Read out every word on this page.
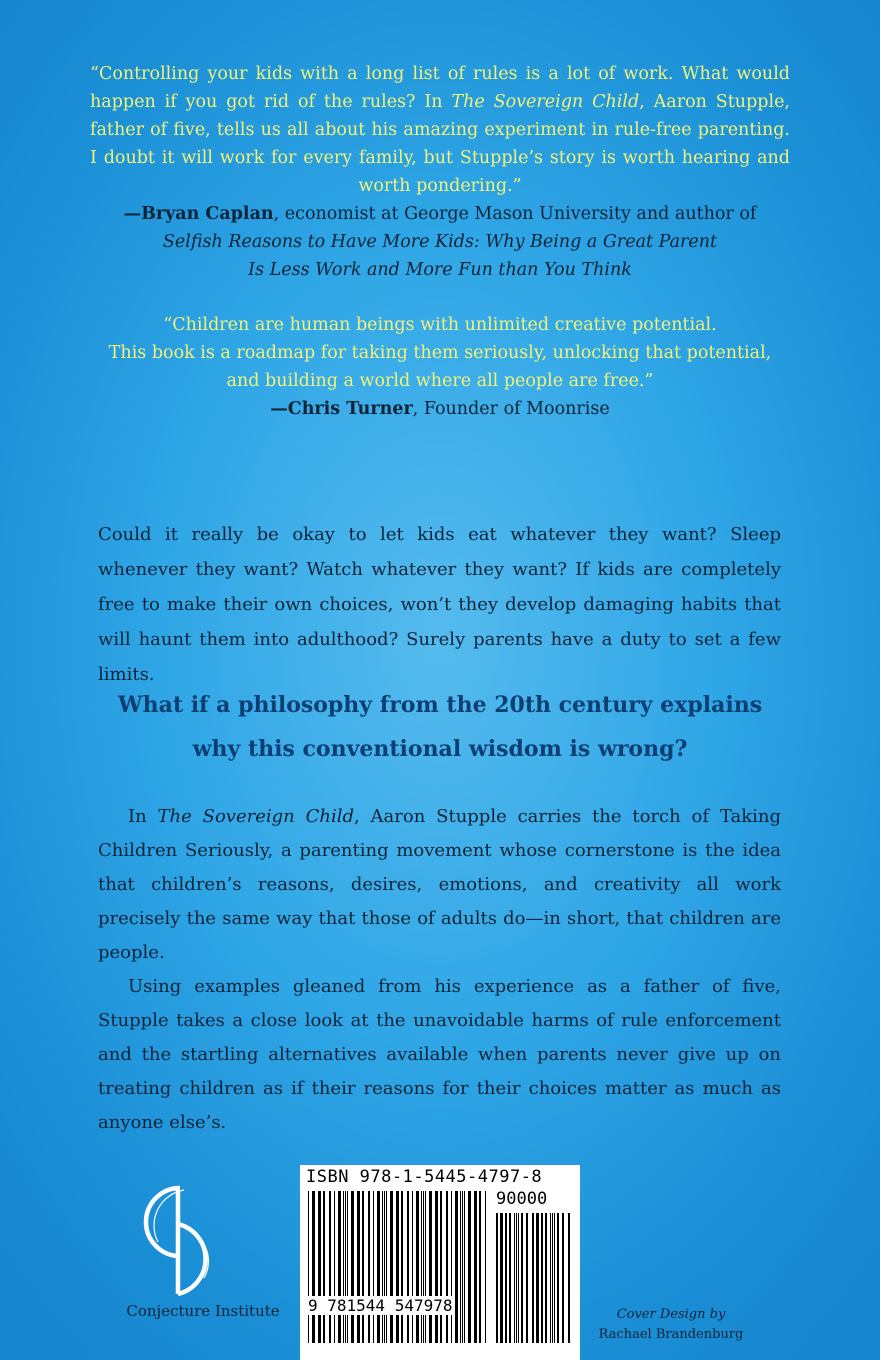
“Controlling your kids with a long list of rules is a lot of work. What would happen if you got rid of the rules? In The Sovereign Child, Aaron Stupple, father of five, tells us all about his amazing experiment in rule-free parenting. I doubt it will work for every family, but Stupple’s story is worth hearing and worth pondering.”
—Bryan Caplan, economist at George Mason University and author of
Selfish Reasons to Have More Kids: Why Being a Great Parent
Is Less Work and More Fun than You Think
“Children are human beings with unlimited creative potential.
This book is a roadmap for taking them seriously, unlocking that potential,
and building a world where all people are free.”
—Chris Turner, Founder of Moonrise
Could it really be okay to let kids eat whatever they want? Sleep whenever they want? Watch whatever they want? If kids are completely free to make their own choices, won’t they develop damaging habits that will haunt them into adulthood? Surely parents have a duty to set a few limits.
What if a philosophy from the 20th century explains
why this conventional wisdom is wrong?

In The Sovereign Child, Aaron Stupple carries the torch of Taking Children Seriously, a parenting movement whose cornerstone is the idea that children’s reasons, desires, emotions, and creativity all work precisely the same way that those of adults do—in short, that children are people.

Using examples gleaned from his experience as a father of five, Stupple takes a close look at the unavoidable harms of rule enforcement and the startling alternatives available when parents never give up on treating children as if their reasons for their choices matter as much as anyone else’s.

Conjecture Institute
ISBN 978-1-5445-4797-8
90000
9 781544 547978	Cover Design by
Rachael Brandenburg
